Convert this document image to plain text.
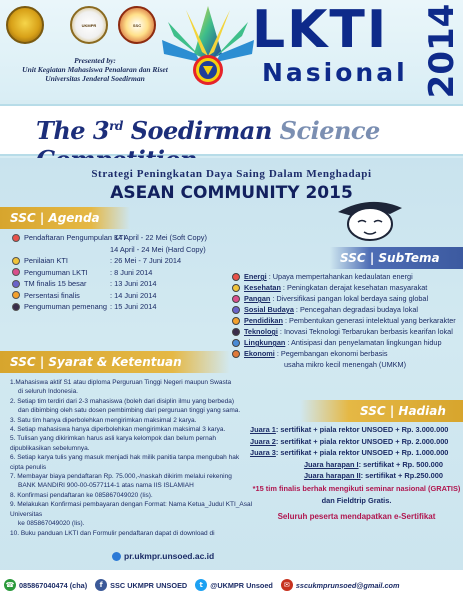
UKMPR	SSC
Presented by:
Unit Kegiatan Mahasiswa Penalaran dan Riset
Universitas Jenderal Soedirman
LKTI
Nasional 2014
The 3rd Soedirman Science
Strategi Peningkatan Daya Saing Dalam Menghadapi
ASEAN COMMUNITY 2015
SSC | Agenda
Pendaftaran Pengumpulan KTI
: 14 April - 22 Mei (Soft Copy)
14 April - 24 Mei (Hard Copy)
Penilaian KTI	: 26 Mei - 7 Juni 2014
Pengumuman LKTI	: 8 Juni 2014
TM finalis 15 besar	: 13 Juni 2014
Persentasi finalis	: 14 Juni 2014
Pengumuman pemenang : 15 Juni 2014
SSC | SubTema
Energi : Upaya mempertahankan kedaulatan energi
Kesehatan : Peningkatan derajat kesehatan masyarakat
Pangan : Diversifikasi pangan lokal berdaya saing global
Sosial Budaya : Pencegahan degradasi budaya lokal
Pendidikan : Pembentukan generasi intelektual yang berkarakter
Teknologi : Inovasi Teknologi Terbarukan berbasis kearifan lokal
Lingkungan : Antisipasi dan penyelamatan lingkungan hidup
Ekonomi : Pegembangan ekonomi berbasis
usaha mikro kecil menengah (UMKM)
SSC | Syarat & Ketentuan
1.Mahasiswa aktif S1 atau diploma Perguruan Tinggi Negeri maupun Swasta
di seluruh Indonesia.
2. Setiap tim terdiri dari 2-3 mahasiswa (boleh dari disiplin ilmu yang berbeda)
dan dibimbing oleh satu dosen pembimbing dari perguruan tinggi yang sama.
3. Satu tim hanya diperbolehkan mengirimkan maksimal 2 karya.
4. Setiap mahasiswa hanya diperbolehkan mengirimkan maksimal 3 karya.
5. Tulisan yang dikirimkan harus asli karya kelompok dan belum pernah dipublikasikan sebelumnya.
6. Setiap karya tulis yang masuk menjadi hak milik panitia tanpa mengubah hak cipta penulis
7. Membayar biaya pendaftaran Rp. 75.000,-/naskah dikirim melalui rekening
BANK MANDIRI 900-00-0577114-1 atas nama IIS ISLAMIAH
8. Konfirmasi pendaftaran ke 085867049020 (Iis).
9. Melakukan Konfirmasi pembayaran dengan Format: Nama Ketua_Judul KTI_Asal Universitas
ke 085867049020 (Iis).
10. Buku panduan LKTI dan Formulir pendaftaran dapat di download di
SSC | Hadiah
Juara 1: sertifikat + piala rektor UNSOED + Rp. 3.000.000
Juara 2: sertifikat + piala rektor UNSOED + Rp. 2.000.000
Juara 3: sertifikat + piala rektor UNSOED + Rp. 1.000.000
Juara harapan I: sertifikat + Rp. 500.000
Juara harapan II: sertifikat + Rp.250.000
*15 tim finalis berhak mengikuti seminar nasional (GRATIS)
dan Fieldtrip Gratis.
Seluruh peserta mendapatkan e-Sertifikat
pr.ukmpr.unsoed.ac.id
☎ 085867040474 (cha)	f	SSC UKMPR UNSOED	t	@UKMPR Unsoed	✉ sscukmprunsoed@gmail.com
